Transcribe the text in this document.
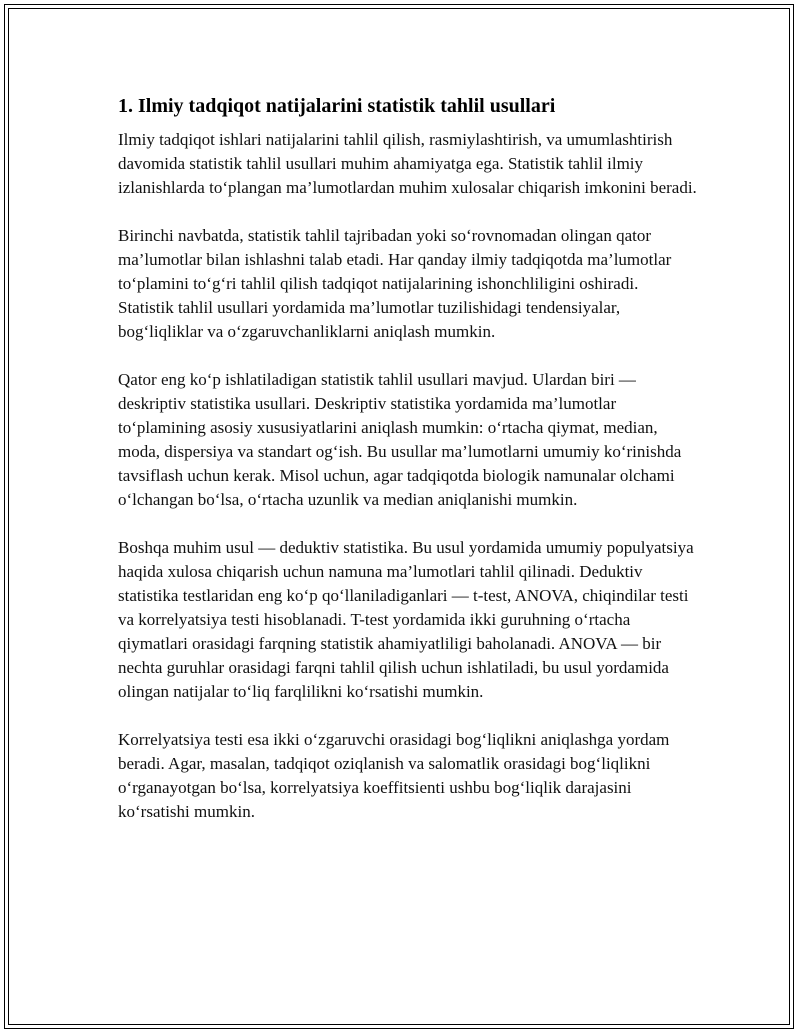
1. Ilmiy tadqiqot natijalarini statistik tahlil usullari

Ilmiy tadqiqot ishlari natijalarini tahlil qilish, rasmiylashtirish, va umumlashtirish davomida statistik tahlil usullari muhim ahamiyatga ega. Statistik tahlil ilmiy izlanishlarda to‘plangan ma’lumotlardan muhim xulosalar chiqarish imkonini beradi.

Birinchi navbatda, statistik tahlil tajribadan yoki so‘rovnomadan olingan qator ma’lumotlar bilan ishlashni talab etadi. Har qanday ilmiy tadqiqotda ma’lumotlar to‘plamini to‘g‘ri tahlil qilish tadqiqot natijalarining ishonchliligini oshiradi. Statistik tahlil usullari yordamida ma’lumotlar tuzilishidagi tendensiyalar, bog‘liqliklar va o‘zgaruvchanliklarni aniqlash mumkin.

Qator eng ko‘p ishlatiladigan statistik tahlil usullari mavjud. Ulardan biri — deskriptiv statistika usullari. Deskriptiv statistika yordamida ma’lumotlar to‘plamining asosiy xususiyatlarini aniqlash mumkin: o‘rtacha qiymat, median, moda, dispersiya va standart og‘ish. Bu usullar ma’lumotlarni umumiy ko‘rinishda tavsiflash uchun kerak. Misol uchun, agar tadqiqotda biologik namunalar olchami o‘lchangan bo‘lsa, o‘rtacha uzunlik va median aniqlanishi mumkin.

Boshqa muhim usul — deduktiv statistika. Bu usul yordamida umumiy populyatsiya haqida xulosa chiqarish uchun namuna ma’lumotlari tahlil qilinadi. Deduktiv statistika testlaridan eng ko‘p qo‘llaniladiganlari — t-test, ANOVA, chiqindilar testi va korrelyatsiya testi hisoblanadi. T-test yordamida ikki guruhning o‘rtacha qiymatlari orasidagi farqning statistik ahamiyatliligi baholanadi. ANOVA — bir nechta guruhlar orasidagi farqni tahlil qilish uchun ishlatiladi, bu usul yordamida olingan natijalar to‘liq farqlilikni ko‘rsatishi mumkin.

Korrelyatsiya testi esa ikki o‘zgaruvchi orasidagi bog‘liqlikni aniqlashga yordam beradi. Agar, masalan, tadqiqot oziqlanish va salomatlik orasidagi bog‘liqlikni o‘rganayotgan bo‘lsa, korrelyatsiya koeffitsienti ushbu bog‘liqlik darajasini ko‘rsatishi mumkin.
